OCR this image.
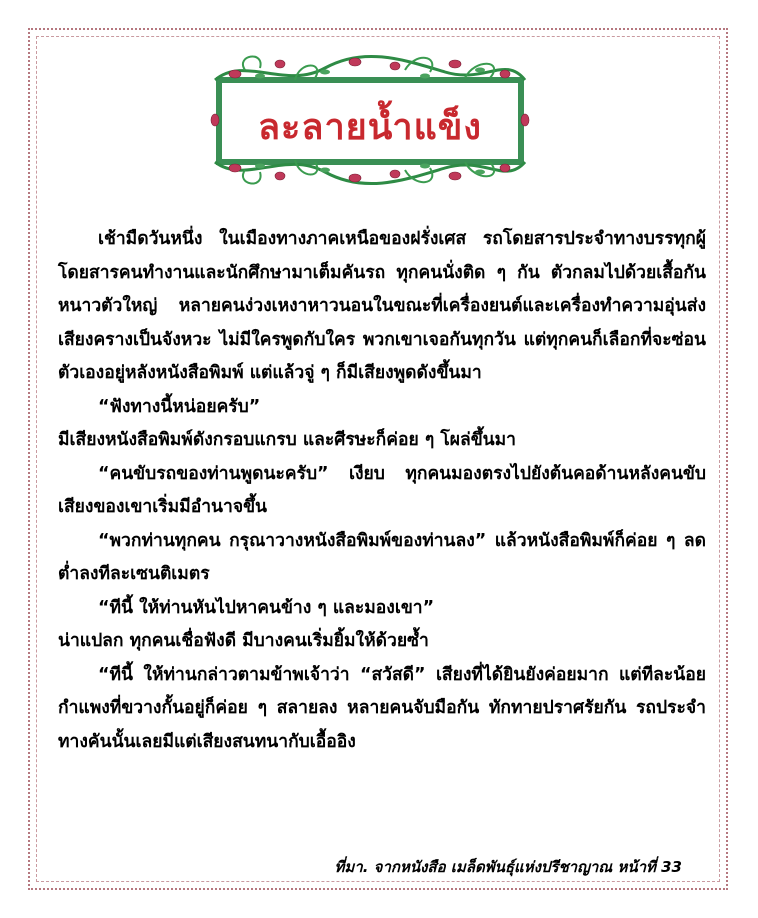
ละลายน้ำแข็ง

เช้ามืดวันหนึ่ง ในเมืองทางภาคเหนือของฝรั่งเศส รถโดยสารประจำทางบรรทุกผู้โดยสารคนทำงานและนักศึกษามาเต็มคันรถ ทุกคนนั่งติด ๆ กัน ตัวกลมไปด้วยเสื้อกันหนาวตัวใหญ่ หลายคนง่วงเหงาหาวนอนในขณะที่เครื่องยนต์และเครื่องทำความอุ่นส่งเสียงครางเป็นจังหวะ ไม่มีใครพูดกับใคร พวกเขาเจอกันทุกวัน แต่ทุกคนก็เลือกที่จะซ่อนตัวเองอยู่หลังหนังสือพิมพ์ แต่แล้วจู่ ๆ ก็มีเสียงพูดดังขึ้นมา

“ฟังทางนี้หน่อยครับ”

มีเสียงหนังสือพิมพ์ดังกรอบแกรบ และศีรษะก็ค่อย ๆ โผล่ขึ้นมา

“คนขับรถของท่านพูดนะครับ” เงียบ ทุกคนมองตรงไปยังต้นคอด้านหลังคนขับ เสียงของเขาเริ่มมีอำนาจขึ้น

“พวกท่านทุกคน กรุณาวางหนังสือพิมพ์ของท่านลง” แล้วหนังสือพิมพ์ก็ค่อย ๆ ลดต่ำลงทีละเซนติเมตร

“ทีนี้ ให้ท่านหันไปหาคนข้าง ๆ และมองเขา”

น่าแปลก ทุกคนเชื่อฟังดี มีบางคนเริ่มยิ้มให้ด้วยซ้ำ

“ทีนี้ ให้ท่านกล่าวตามข้าพเจ้าว่า “สวัสดี” เสียงที่ได้ยินยังค่อยมาก แต่ทีละน้อยกำแพงที่ขวางกั้นอยู่ก็ค่อย ๆ สลายลง หลายคนจับมือกัน ทักทายปราศรัยกัน รถประจำทางคันนั้นเลยมีแต่เสียงสนทนากับเอื้ออิง

ที่มา. จากหนังสือ เมล็ดพันธุ์แห่งปรีชาญาณ หน้าที่ 33
